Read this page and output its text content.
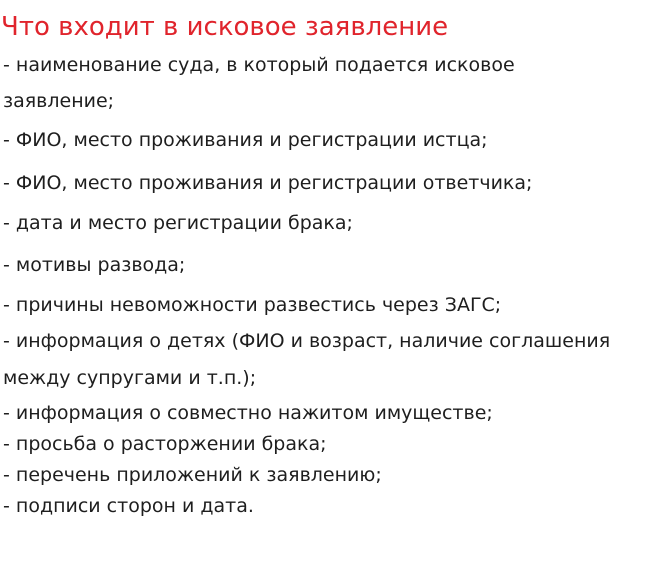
Что входит в исковое заявление

- наименование суда, в который подается исковое

заявление;

- ФИО, место проживания и регистрации истца;

- ФИО, место проживания и регистрации ответчика;

- дата и место регистрации брака;

- мотивы развода;

- причины невоможности развестись через ЗАГС;

- информация о детях (ФИО и возраст, наличие соглашения

между супругами и т.п.);

- информация о совместно нажитом имуществе;

- просьба о расторжении брака;

- перечень приложений к заявлению;

- подписи сторон и дата.
